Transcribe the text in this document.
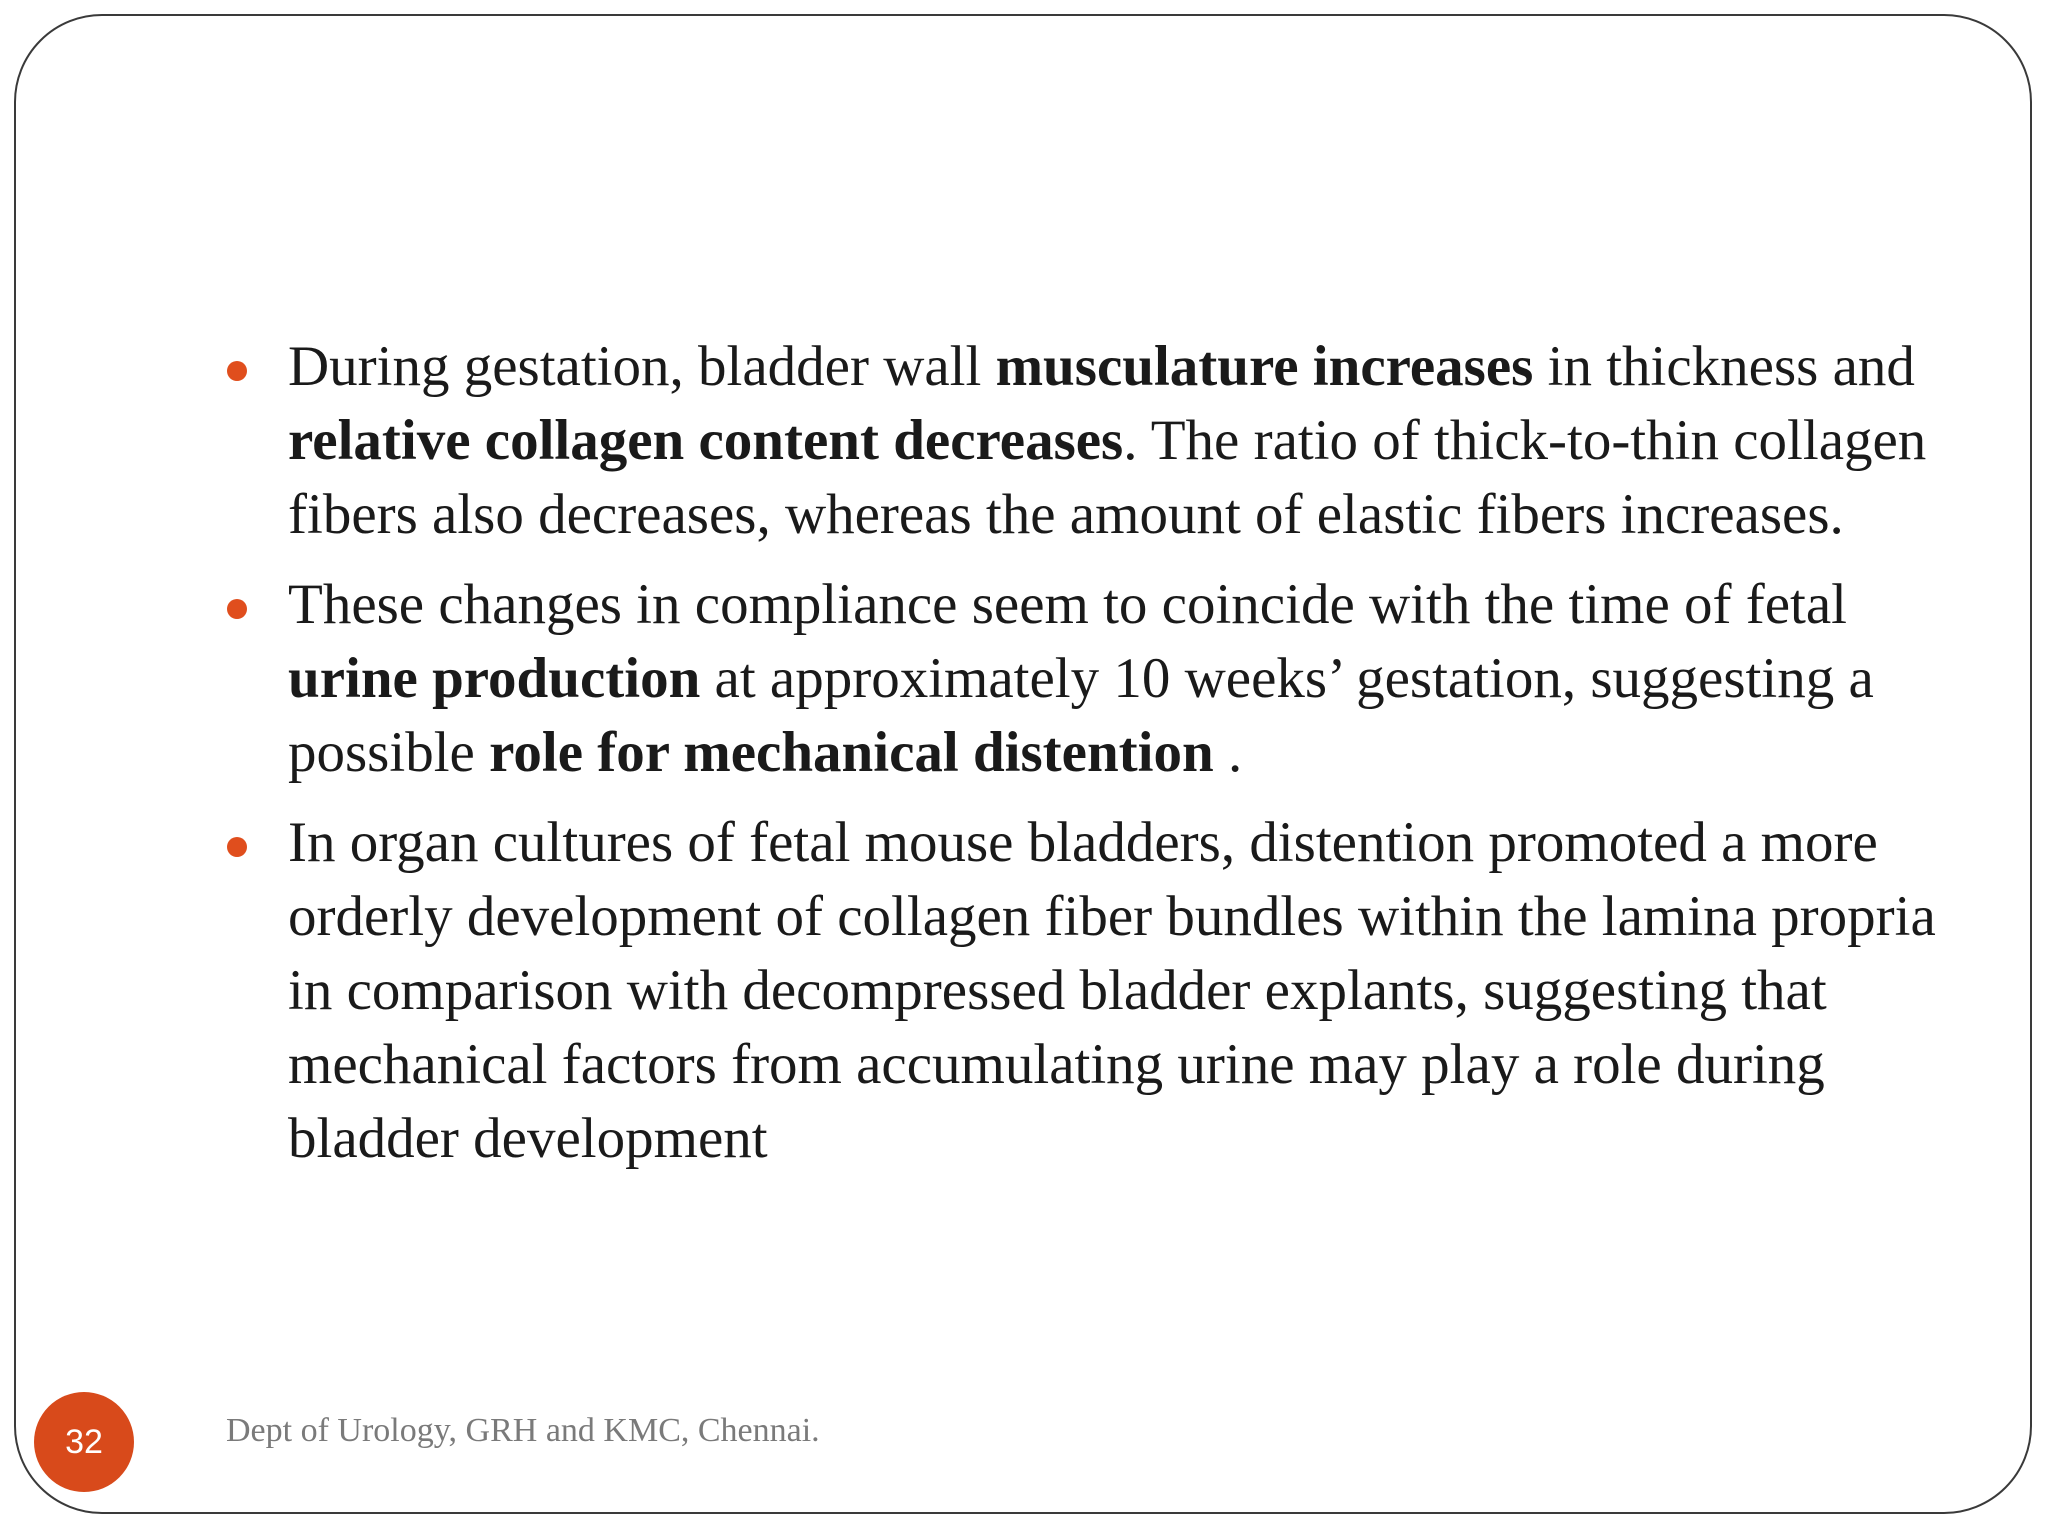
During gestation, bladder wall musculature increases in thickness and relative collagen content decreases. The ratio of thick-to-thin collagen fibers also decreases, whereas the amount of elastic fibers increases.
These changes in compliance seem to coincide with the time of fetal urine production at approximately 10 weeks’ gestation, suggesting a possible role for mechanical distention .
In organ cultures of fetal mouse bladders, distention promoted a more orderly development of collagen fiber bundles within the lamina propria in comparison with decompressed bladder explants, suggesting that mechanical factors from accumulating urine may play a role during bladder development
32	Dept of Urology, GRH and KMC, Chennai.
